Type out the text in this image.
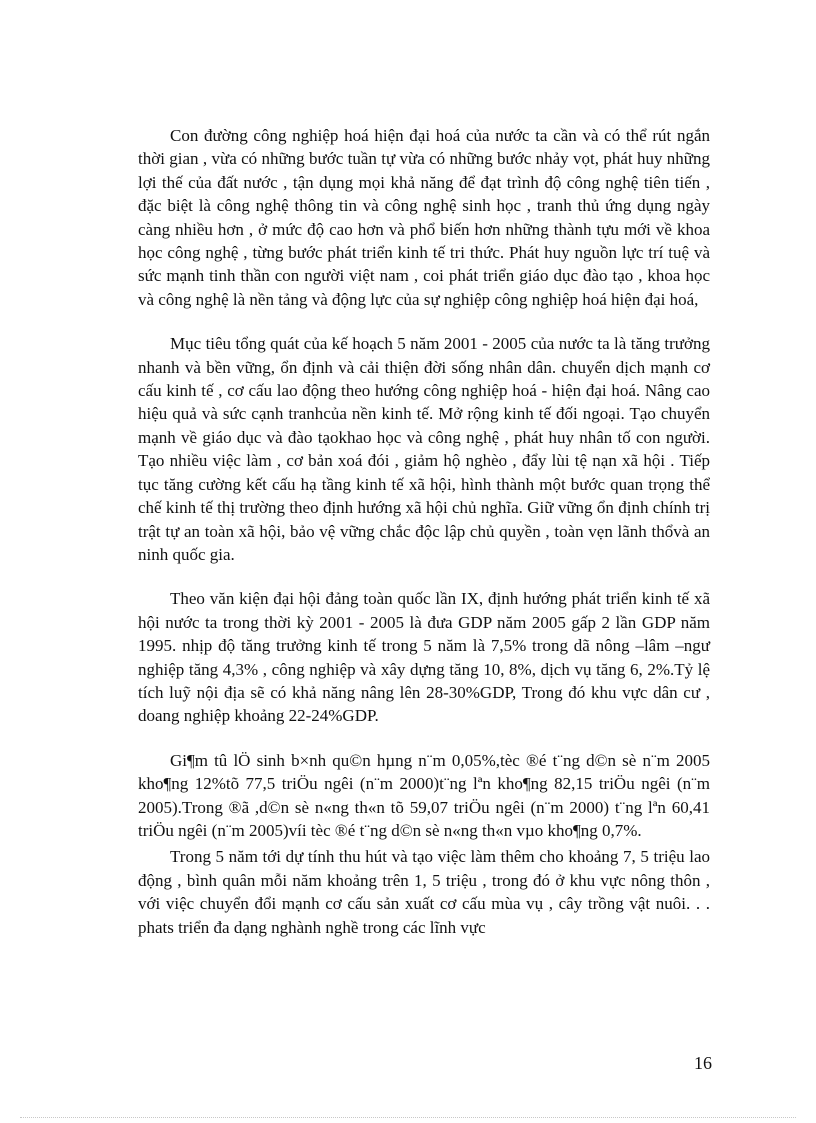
Con đường công nghiệp hoá hiện đại hoá của nước ta cần và có thể rút ngắn thời gian , vừa có những bước tuần tự vừa có những bước nhảy vọt, phát huy những lợi thế của đất nước , tận dụng mọi khả năng để đạt trình độ công nghệ tiên tiến , đặc biệt là công nghệ thông tin và công nghệ sinh học , tranh thủ ứng dụng ngày càng nhiều hơn , ở mức độ cao hơn và phổ biến hơn những thành tựu mới về khoa học công nghệ , từng bước phát triển kinh tế tri thức. Phát huy nguồn lực trí tuệ và sức mạnh tinh thần con người việt nam , coi phát triển giáo dục đào tạo , khoa học và công nghệ là nền tảng và động lực của sự nghiệp công nghiệp hoá hiện đại hoá,

Mục tiêu tổng quát của kế hoạch 5 năm 2001 - 2005 của nước ta là tăng trưởng nhanh và bền vững, ổn định và cải thiện đời sống nhân dân. chuyển dịch mạnh cơ cấu kinh tế , cơ cấu lao động theo hướng công nghiệp hoá - hiện đại hoá. Nâng cao hiệu quả và sức cạnh tranhcủa nền kinh tế. Mở rộng kinh tế đối ngoại. Tạo chuyển mạnh về giáo dục và đào tạokhao học và công nghệ , phát huy nhân tố con người. Tạo nhiều việc làm , cơ bản xoá đói , giảm hộ nghèo , đẩy lùi tệ nạn xã hội . Tiếp tục tăng cường kết cấu hạ tầng kinh tế xã hội, hình thành một bước quan trọng thể chế kinh tế thị trường theo định hướng xã hội chủ nghĩa. Giữ vững ổn định chính trị trật tự an toàn xã hội, bảo vệ vững chắc độc lập chủ quyền , toàn vẹn lãnh thổvà an ninh quốc gia.

Theo văn kiện đại hội đảng toàn quốc lần IX, định hướng phát triển kinh tế xã hội nước ta trong thời kỳ 2001 - 2005 là đưa GDP năm 2005 gấp 2 lần GDP năm 1995. nhịp độ tăng trưởng kinh tế trong 5 năm là 7,5% trong dã nông –lâm –ngư nghiệp tăng 4,3% , công nghiệp và xây dựng tăng 10, 8%, dịch vụ tăng 6, 2%.Tỷ lệ tích luỹ nội địa sẽ có khả năng nâng lên 28-30%GDP, Trong đó khu vực dân cư , doang nghiệp khoảng 22-24%GDP.

Gi¶m tû lÖ sinh b×nh qu©n hµng n¨m 0,05%,tèc ®é t¨ng d©n sè n¨m 2005 kho¶ng 12%tõ 77,5 triÖu ngêi (n¨m 2000)t¨ng lªn kho¶ng 82,15 triÖu ngêi (n¨m 2005).Trong ®ã ,d©n sè n«ng th«n tõ 59,07 triÖu ngêi (n¨m 2000) t¨ng lªn 60,41 triÖu ngêi (n¨m 2005)víi tèc ®é t¨ng d©n sè n«ng th«n vµo kho¶ng 0,7%.

Trong 5 năm tới dự tính thu hút và tạo việc làm thêm cho khoảng 7, 5 triệu lao động , bình quân mỗi năm khoảng trên 1, 5 triệu , trong đó ở khu vực nông thôn , với việc chuyển đổi mạnh cơ cấu sản xuất cơ cấu mùa vụ , cây trồng vật nuôi. . . phats triển đa dạng nghành nghề trong các lĩnh vực

16
